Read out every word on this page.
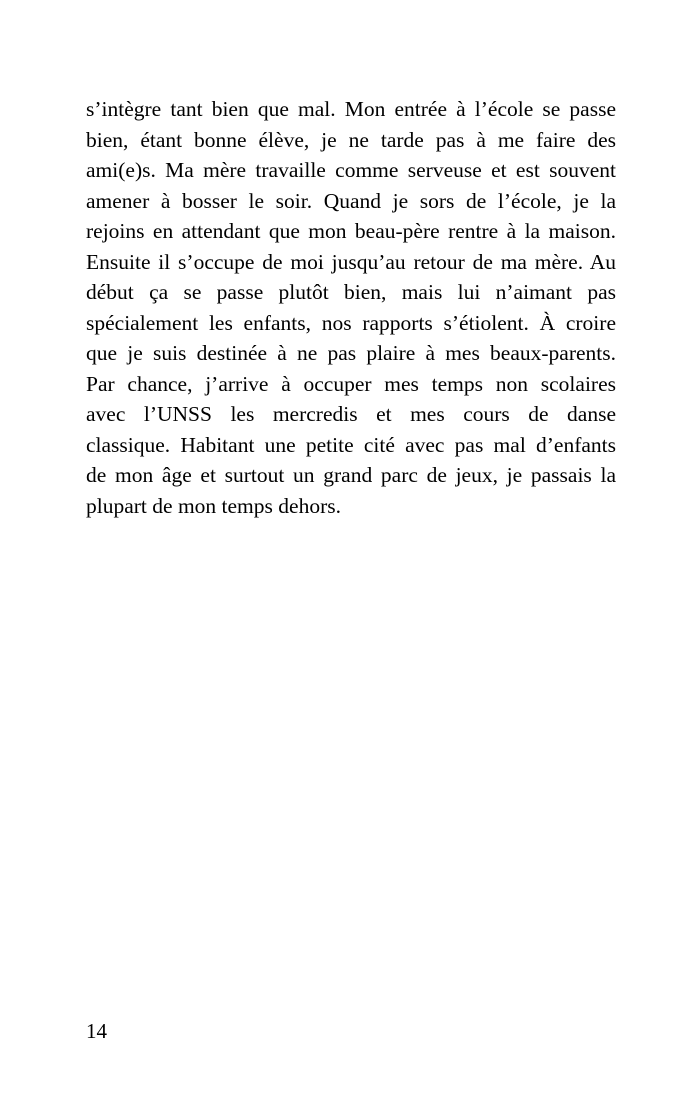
s’intègre tant bien que mal. Mon entrée à l’école se passe
bien, étant bonne élève, je ne tarde pas à me faire des
ami(e)s. Ma mère travaille comme serveuse et est souvent
amener à bosser le soir. Quand je sors de l’école, je la
rejoins en attendant que mon beau-père rentre à la maison.
Ensuite il s’occupe de moi jusqu’au retour de ma mère. Au
début ça se passe plutôt bien, mais lui n’aimant pas
spécialement les enfants, nos rapports s’étiolent. À croire
que je suis destinée à ne pas plaire à mes beaux-parents.
Par chance, j’arrive à occuper mes temps non scolaires
avec l’UNSS les mercredis et mes cours de danse
classique. Habitant une petite cité avec pas mal d’enfants
de mon âge et surtout un grand parc de jeux, je passais la
plupart de mon temps dehors.

14
